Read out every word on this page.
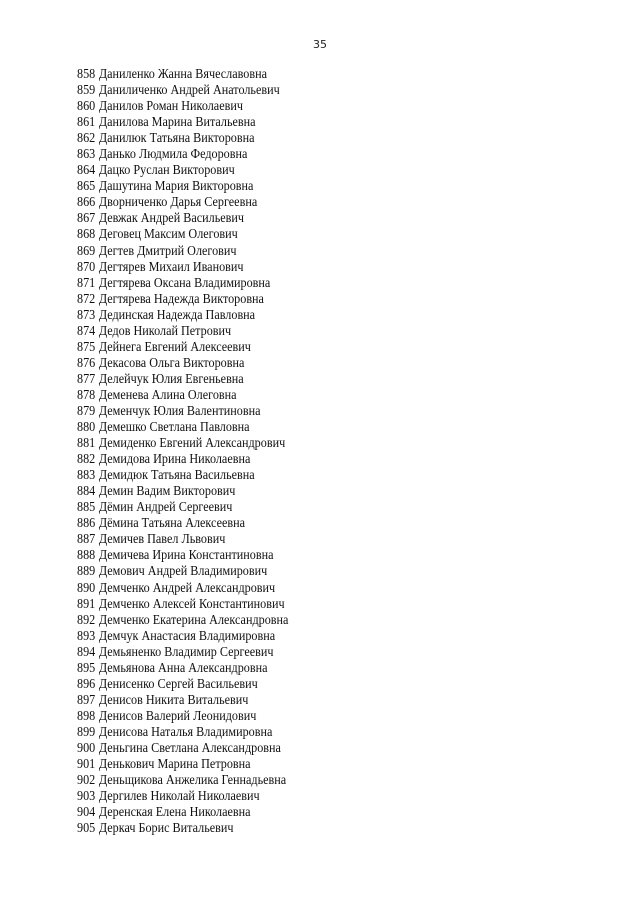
35
858 Даниленко Жанна Вячеславовна
859 Даниличенко Андрей Анатольевич
860 Данилов Роман Николаевич
861 Данилова Марина Витальевна
862 Данилюк Татьяна Викторовна
863 Данько Людмила Федоровна
864 Дацко Руслан Викторович
865 Дашутина Мария Викторовна
866 Дворниченко Дарья Сергеевна
867 Девжак Андрей Васильевич
868 Деговец Максим Олегович
869 Дегтев Дмитрий Олегович
870 Дегтярев Михаил Иванович
871 Дегтярева Оксана Владимировна
872 Дегтярева Надежда Викторовна
873 Дединская Надежда Павловна
874 Дедов Николай Петрович
875 Дейнега Евгений Алексеевич
876 Декасова Ольга Викторовна
877 Делейчук Юлия Евгеньевна
878 Деменева Алина Олеговна
879 Деменчук Юлия Валентиновна
880 Демешко Светлана Павловна
881 Демиденко Евгений Александрович
882 Демидова Ирина Николаевна
883 Демидюк Татьяна Васильевна
884 Демин Вадим Викторович
885 Дёмин Андрей Сергеевич
886 Дёмина Татьяна Алексеевна
887 Демичев Павел Львович
888 Демичева Ирина Константиновна
889 Демович Андрей Владимирович
890 Демченко Андрей Александрович
891 Демченко Алексей Константинович
892 Демченко Екатерина Александровна
893 Демчук Анастасия Владимировна
894 Демьяненко Владимир Сергеевич
895 Демьянова Анна Александровна
896 Денисенко Сергей Васильевич
897 Денисов Никита Витальевич
898 Денисов Валерий Леонидович
899 Денисова Наталья Владимировна
900 Деньгина Светлана Александровна
901 Денькович Марина Петровна
902 Деньщикова Анжелика Геннадьевна
903 Дергилев Николай Николаевич
904 Деренская Елена Николаевна
905 Деркач Борис Витальевич
